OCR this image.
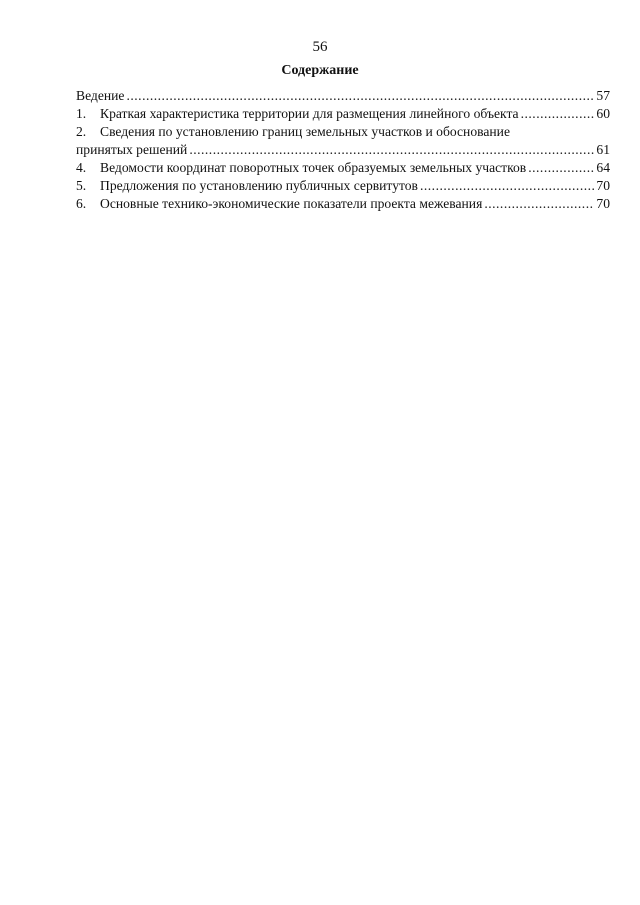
56
Содержание
Ведение .....	57
1.	Краткая характеристика территории для размещения линейного объекта .....	60
2.	Сведения по установлению границ земельных участков и обоснование
принятых решений .....	61
4.	Ведомости координат поворотных точек образуемых земельных участков .....	64
5.	Предложения по установлению публичных сервитутов .....	70
6.	Основные технико-экономические показатели проекта межевания .....	70
